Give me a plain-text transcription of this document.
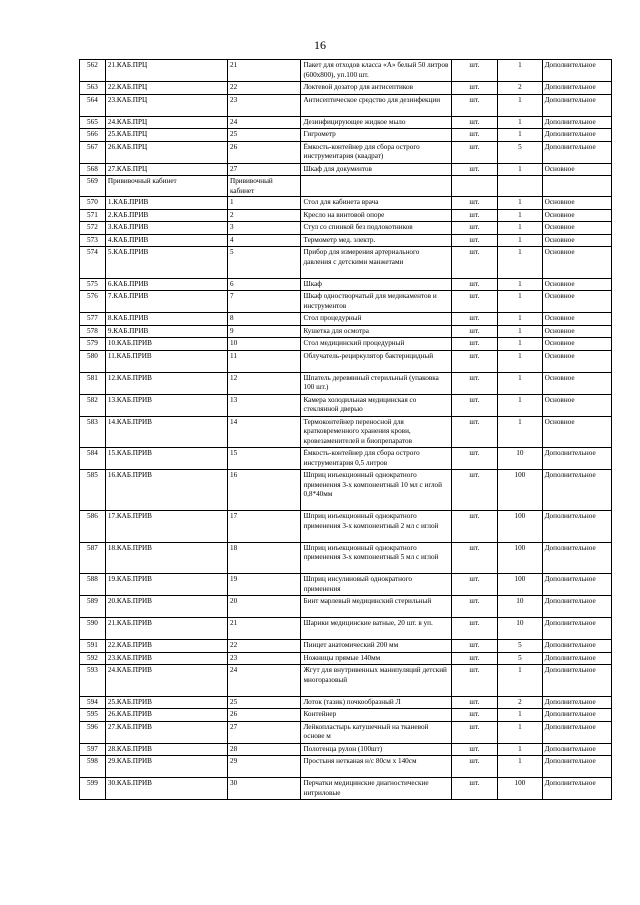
16
562	21.КАБ.ПРЦ	21	Пакет для отходов класса «А» белый 50 литров (600х800), уп.100 шт.	шт.	1	Дополнительное
563	22.КАБ.ПРЦ	22	Локтевой дозатор для антисептиков	шт.	2	Дополнительное
564	23.КАБ.ПРЦ	23	Антисептическое средство для дезинфекции	шт.	1	Дополнительное
565	24.КАБ.ПРЦ	24	Дезинфицирующее жидкое мыло	шт.	1	Дополнительное
566	25.КАБ.ПРЦ	25	Гигрометр	шт.	1	Дополнительное
567	26.КАБ.ПРЦ	26	Ёмкость-контейнер для сбора острого инструментария (квадрат)	шт.	5	Дополнительное
568	27.КАБ.ПРЦ	27	Шкаф для документов	шт.	1	Основное
569	Прививочный кабинет	Прививочный кабинет				
570	1.КАБ.ПРИВ	1	Стол для кабинета врача	шт.	1	Основное
571	2.КАБ.ПРИВ	2	Кресло на винтовой опоре	шт.	1	Основное
572	3.КАБ.ПРИВ	3	Стул со спинкой без подлокотников	шт.	1	Основное
573	4.КАБ.ПРИВ	4	Термометр мед. электр.	шт.	1	Основное
574	5.КАБ.ПРИВ	5	Прибор для измерения артериального давления с детскими манжетами	шт.	1	Основное
575	6.КАБ.ПРИВ	6	Шкаф	шт.	1	Основное
576	7.КАБ.ПРИВ	7	Шкаф одностворчатый для медикаментов и инструментов	шт.	1	Основное
577	8.КАБ.ПРИВ	8	Стол процедурный	шт.	1	Основное
578	9.КАБ.ПРИВ	9	Кушетка для осмотра	шт.	1	Основное
579	10.КАБ.ПРИВ	10	Стол медицинский процедурный	шт.	1	Основное
580	11.КАБ.ПРИВ	11	Облучатель-рециркулятор бактерицидный	шт.	1	Основное
581	12.КАБ.ПРИВ	12	Шпатель деревянный стерильный (упаковка 100 шт.)	шт.	1	Основное
582	13.КАБ.ПРИВ	13	Камера холодильная медицинская со стеклянной дверью	шт.	1	Основное
583	14.КАБ.ПРИВ	14	Термоконтейнер переносной для кратковременного хранения крови, кровезаменителей и биопрепаратов	шт.	1	Основное
584	15.КАБ.ПРИВ	15	Ёмкость-контейнер для сбора острого инструментария 0,5 литров	шт.	10	Дополнительное
585	16.КАБ.ПРИВ	16	Шприц инъекционный однократного применения 3-х компонентный 10 мл с иглой 0,8*40мм	шт.	100	Дополнительное
586	17.КАБ.ПРИВ	17	Шприц инъекционный однократного применения 3-х компонентный 2 мл с иглой	шт.	100	Дополнительное
587	18.КАБ.ПРИВ	18	Шприц инъекционный однократного применения 3-х компонентный 5 мл с иглой	шт.	100	Дополнительное
588	19.КАБ.ПРИВ	19	Шприц инсулиновый однократного применения	шт.	100	Дополнительное
589	20.КАБ.ПРИВ	20	Бинт марлевый медицинский стерильный	шт.	10	Дополнительное
590	21.КАБ.ПРИВ	21	Шарики медицинские ватные, 20 шт. в уп.	шт.	10	Дополнительное
591	22.КАБ.ПРИВ	22	Пинцет анатомический 200 мм	шт.	5	Дополнительное
592	23.КАБ.ПРИВ	23	Ножницы прямые 140мм	шт.	5	Дополнительное
593	24.КАБ.ПРИВ	24	Жгут для внутривенных манипуляций детский многоразовый	шт.	1	Дополнительное
594	25.КАБ.ПРИВ	25	Лоток (тазик) почкообразный Л	шт.	2	Дополнительное
595	26.КАБ.ПРИВ	26	Контейнер	шт.	1	Дополнительное
596	27.КАБ.ПРИВ	27	Лейкопластырь катушечный на тканевой основе м	шт.	1	Дополнительное
597	28.КАБ.ПРИВ	28	Полотенца рулон (100шт)	шт.	1	Дополнительное
598	29.КАБ.ПРИВ	29	Простыня нетканая н/с 80см х 140см	шт.	1	Дополнительное
599	30.КАБ.ПРИВ	30	Перчатки медицинские диагностические нитриловые	шт.	100	Дополнительное
